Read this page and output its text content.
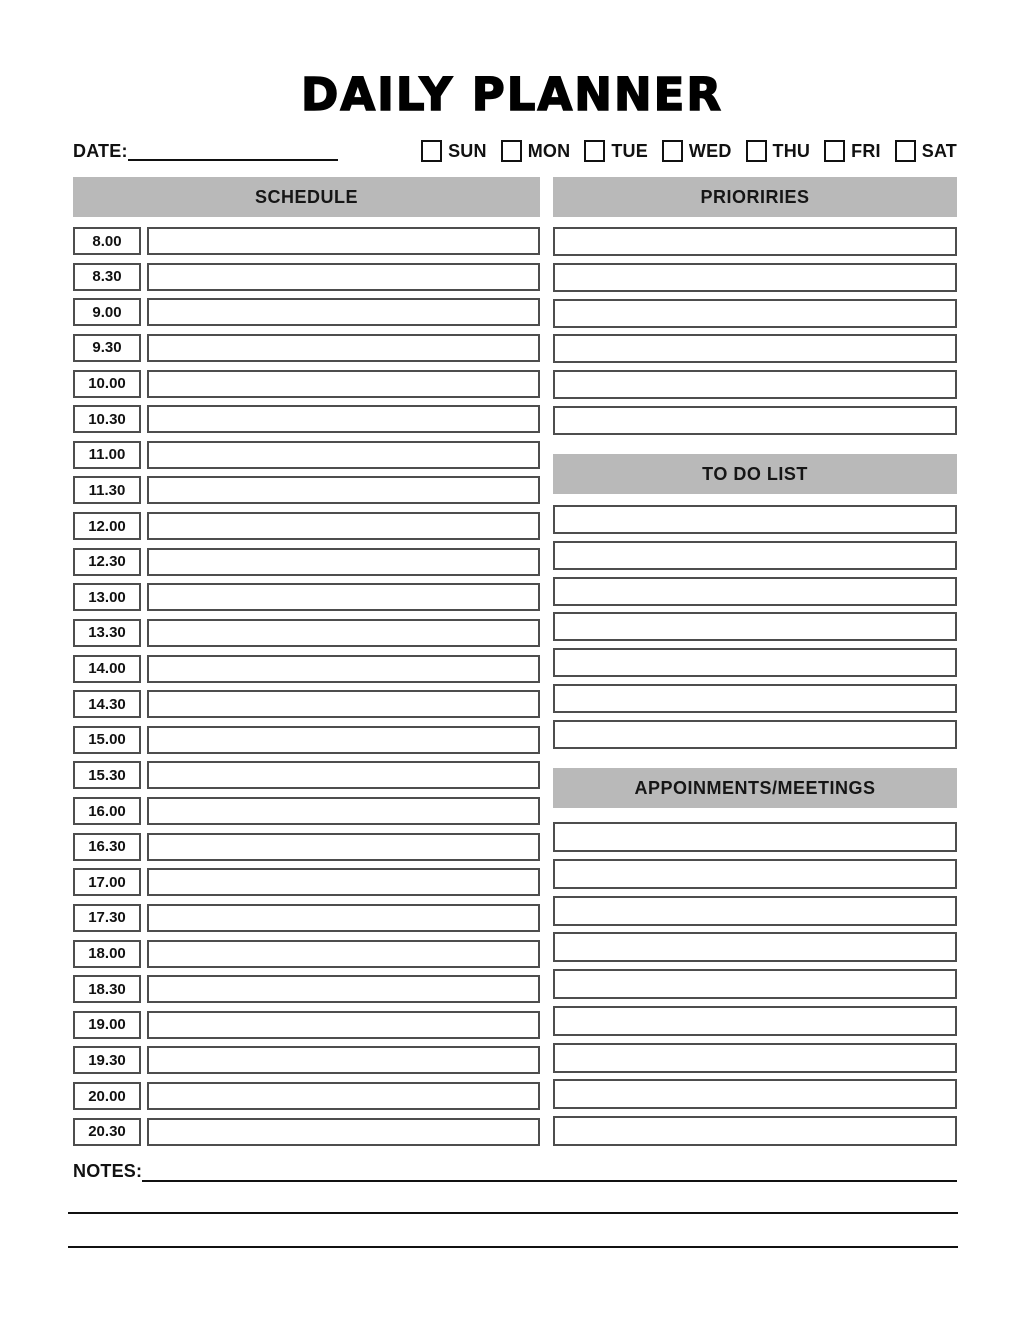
DAILY PLANNER
DATE:	SUN MON TUE WED THU FRI SAT
SCHEDULE
8.00
8.30
9.00
9.30
10.00
10.30
11.00
11.30
12.00
12.30
13.00
13.30
14.00
14.30
15.00
15.30
16.00
16.30
17.00
17.30
18.00
18.30
19.00
19.30
20.00
20.30
PRIORIRIES
TO DO LIST
APPOINMENTS/MEETINGS
NOTES:
